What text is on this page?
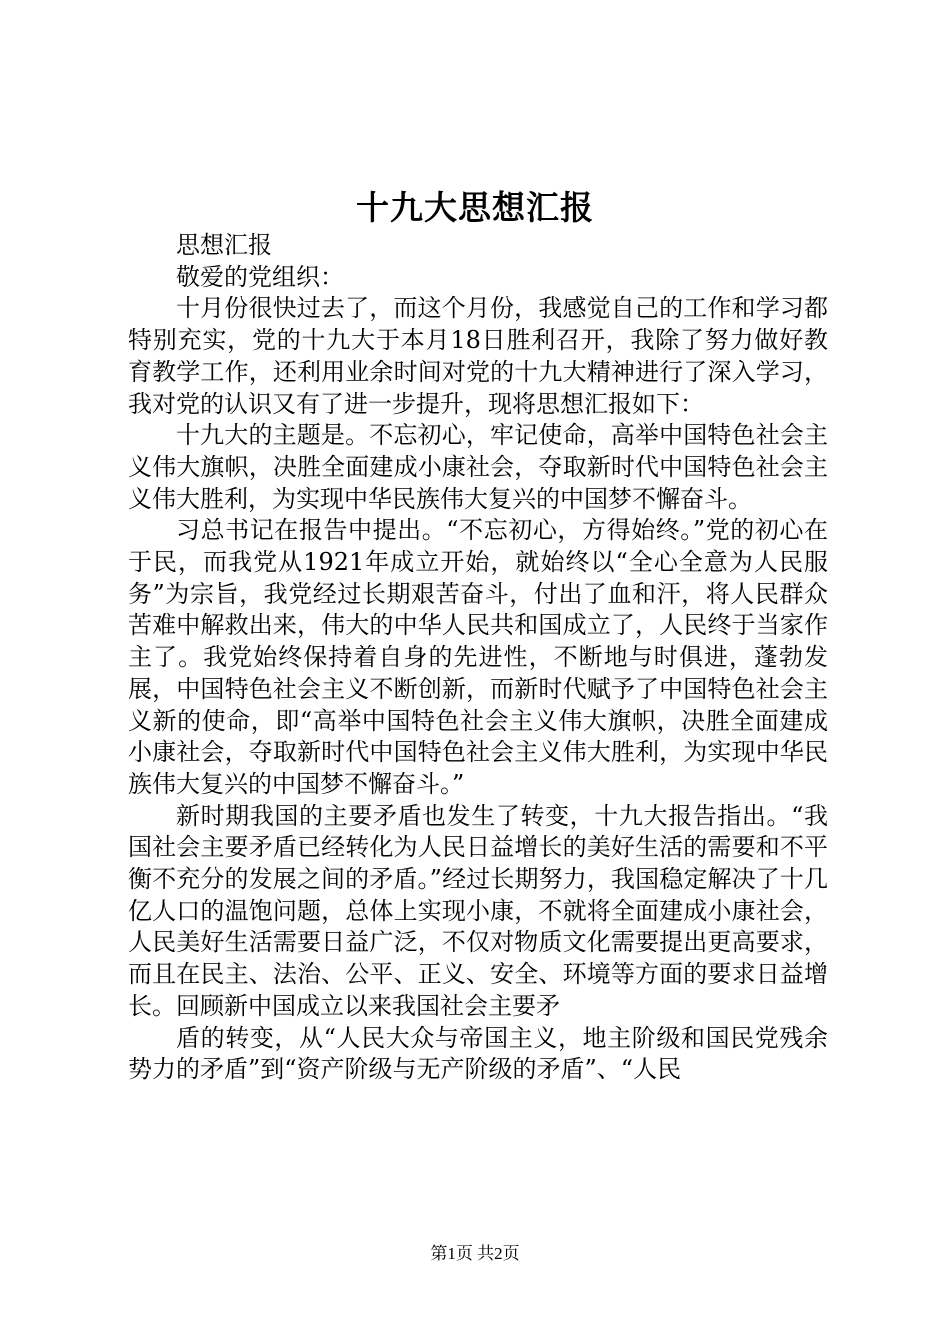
十九大思想汇报

思想汇报

敬爱的党组织：

十月份很快过去了，而这个月份，我感觉自己的工作和学习都特别充实，党的十九大于本月18日胜利召开，我除了努力做好教育教学工作，还利用业余时间对党的十九大精神进行了深入学习，我对党的认识又有了进一步提升，现将思想汇报如下：

十九大的主题是。不忘初心，牢记使命，高举中国特色社会主义伟大旗帜，决胜全面建成小康社会，夺取新时代中国特色社会主义伟大胜利，为实现中华民族伟大复兴的中国梦不懈奋斗。

习总书记在报告中提出。“不忘初心，方得始终。”党的初心在于民，而我党从1921年成立开始，就始终以“全心全意为人民服务”为宗旨，我党经过长期艰苦奋斗，付出了血和汗，将人民群众苦难中解救出来，伟大的中华人民共和国成立了，人民终于当家作主了。我党始终保持着自身的先进性，不断地与时俱进，蓬勃发展，中国特色社会主义不断创新，而新时代赋予了中国特色社会主义新的使命，即“高举中国特色社会主义伟大旗帜，决胜全面建成小康社会，夺取新时代中国特色社会主义伟大胜利，为实现中华民族伟大复兴的中国梦不懈奋斗。”

新时期我国的主要矛盾也发生了转变，十九大报告指出。“我国社会主要矛盾已经转化为人民日益增长的美好生活的需要和不平衡不充分的发展之间的矛盾。”经过长期努力，我国稳定解决了十几亿人口的温饱问题，总体上实现小康，不就将全面建成小康社会，人民美好生活需要日益广泛，不仅对物质文化需要提出更高要求，而且在民主、法治、公平、正义、安全、环境等方面的要求日益增长。回顾新中国成立以来我国社会主要矛

盾的转变，从“人民大众与帝国主义，地主阶级和国民党残余势力的矛盾”到“资产阶级与无产阶级的矛盾”、“人民

第1页 共2页
